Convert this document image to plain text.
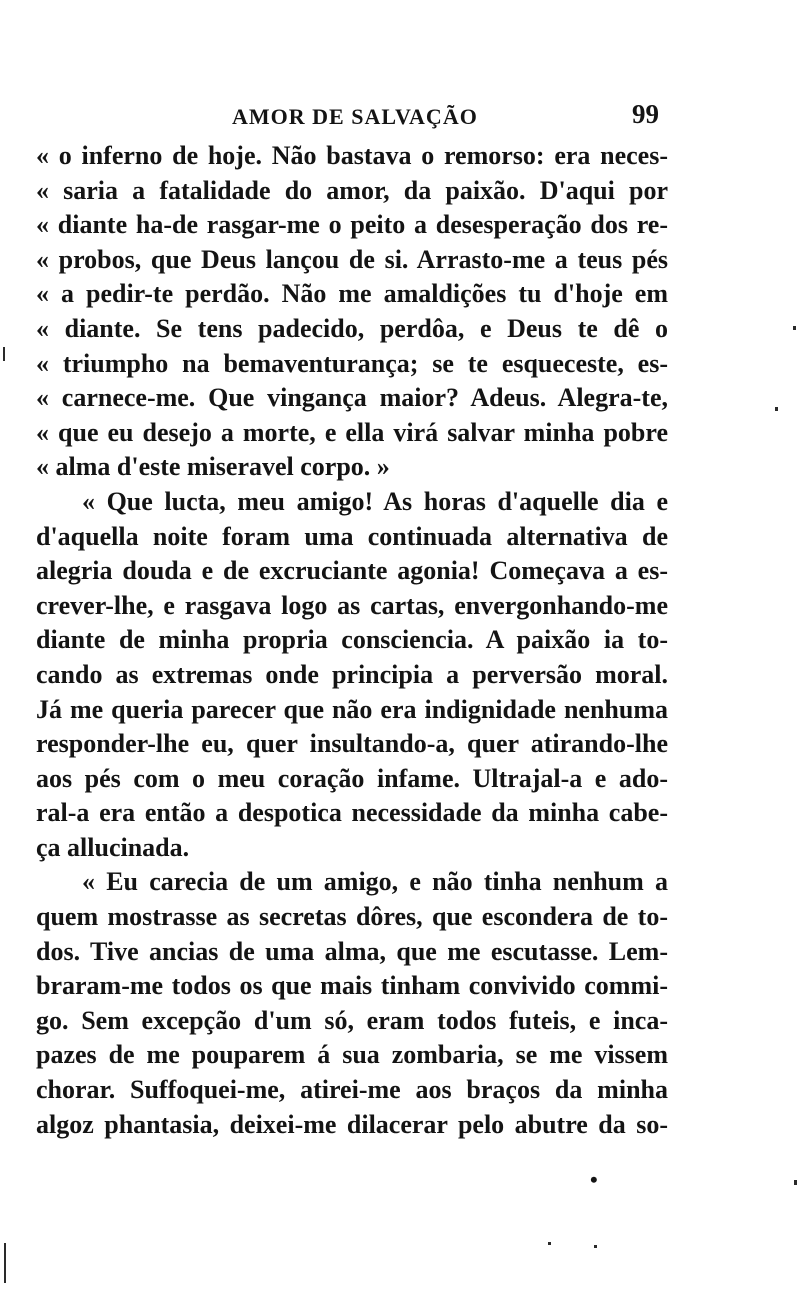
AMOR DE SALVAÇÃO	99
« o inferno de hoje. Não bastava o remorso: era neces-
« saria a fatalidade do amor, da paixão. D'aqui por
« diante ha-de rasgar-me o peito a desesperação dos re-
« probos, que Deus lançou de si. Arrasto-me a teus pés
« a pedir-te perdão. Não me amaldições tu d'hoje em
« diante. Se tens padecido, perdôa, e Deus te dê o
« triumpho na bemaventurança; se te esqueceste, es-
« carnece-me. Que vingança maior? Adeus. Alegra-te,
« que eu desejo a morte, e ella virá salvar minha pobre
« alma d'este miseravel corpo. »
« Que lucta, meu amigo! As horas d'aquelle dia e
d'aquella noite foram uma continuada alternativa de
alegria douda e de excruciante agonia! Começava a es-
crever-lhe, e rasgava logo as cartas, envergonhando-me
diante de minha propria consciencia. A paixão ia to-
cando as extremas onde principia a perversão moral.
Já me queria parecer que não era indignidade nenhuma
responder-lhe eu, quer insultando-a, quer atirando-lhe
aos pés com o meu coração infame. Ultrajal-a e ado-
ral-a era então a despotica necessidade da minha cabe-
ça allucinada.
« Eu carecia de um amigo, e não tinha nenhum a
quem mostrasse as secretas dôres, que escondera de to-
dos. Tive ancias de uma alma, que me escutasse. Lem-
braram-me todos os que mais tinham convivido commi-
go. Sem excepção d'um só, eram todos futeis, e inca-
pazes de me pouparem á sua zombaria, se me vissem
chorar. Suffoquei-me, atirei-me aos braços da minha
algoz phantasia, deixei-me dilacerar pelo abutre da so-
•
